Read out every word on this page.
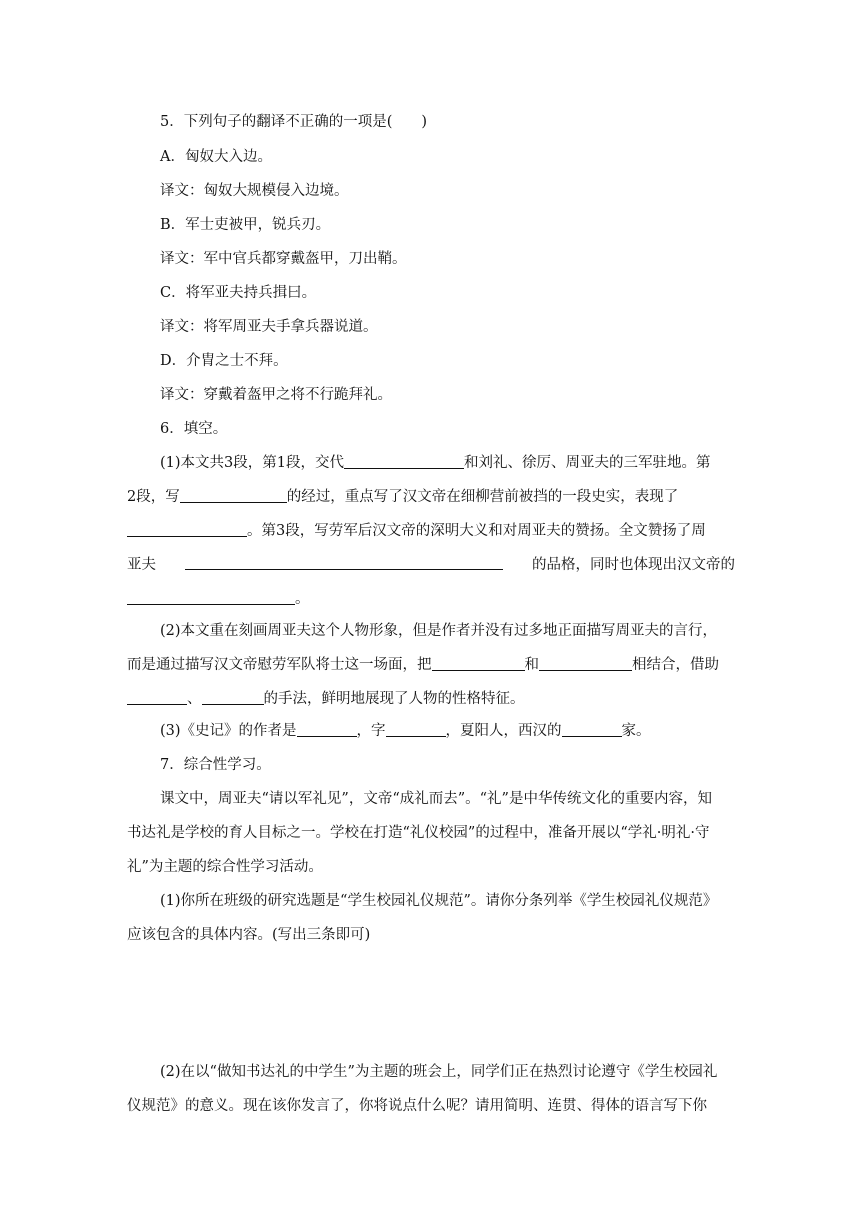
5．下列句子的翻译不正确的一项是(　　)
A．匈奴大入边。
译文：匈奴大规模侵入边境。
B．军士吏被甲，锐兵刃。
译文：军中官兵都穿戴盔甲，刀出鞘。
C．将军亚夫持兵揖曰。
译文：将军周亚夫手拿兵器说道。
D．介胄之士不拜。
译文：穿戴着盔甲之将不行跪拜礼。
6．填空。
(1)本文共3段，第1段，交代	和刘礼、徐厉、周亚夫的三军驻地。第
2段，写	的经过，重点写了汉文帝在细柳营前被挡的一段史实，表现了
。第3段，写劳军后汉文帝的深明大义和对周亚夫的赞扬。全文赞扬了周
亚夫	的品格，同时也体现出汉文帝的
。
(2)本文重在刻画周亚夫这个人物形象，但是作者并没有过多地正面描写周亚夫的言行，
而是通过描写汉文帝慰劳军队将士这一场面，把	和	相结合，借助
、	的手法，鲜明地展现了人物的性格特征。
(3)《史记》的作者是	，字	，夏阳人，西汉的	家。
7．综合性学习。
课文中，周亚夫“请以军礼见”，文帝“成礼而去”。“礼”是中华传统文化的重要内容，知
书达礼是学校的育人目标之一。学校在打造“礼仪校园”的过程中，准备开展以“学礼·明礼·守
礼”为主题的综合性学习活动。
(1)你所在班级的研究选题是“学生校园礼仪规范”。请你分条列举《学生校园礼仪规范》
应该包含的具体内容。(写出三条即可)
(2)在以“做知书达礼的中学生”为主题的班会上，同学们正在热烈讨论遵守《学生校园礼
仪规范》的意义。现在该你发言了，你将说点什么呢？请用简明、连贯、得体的语言写下你
